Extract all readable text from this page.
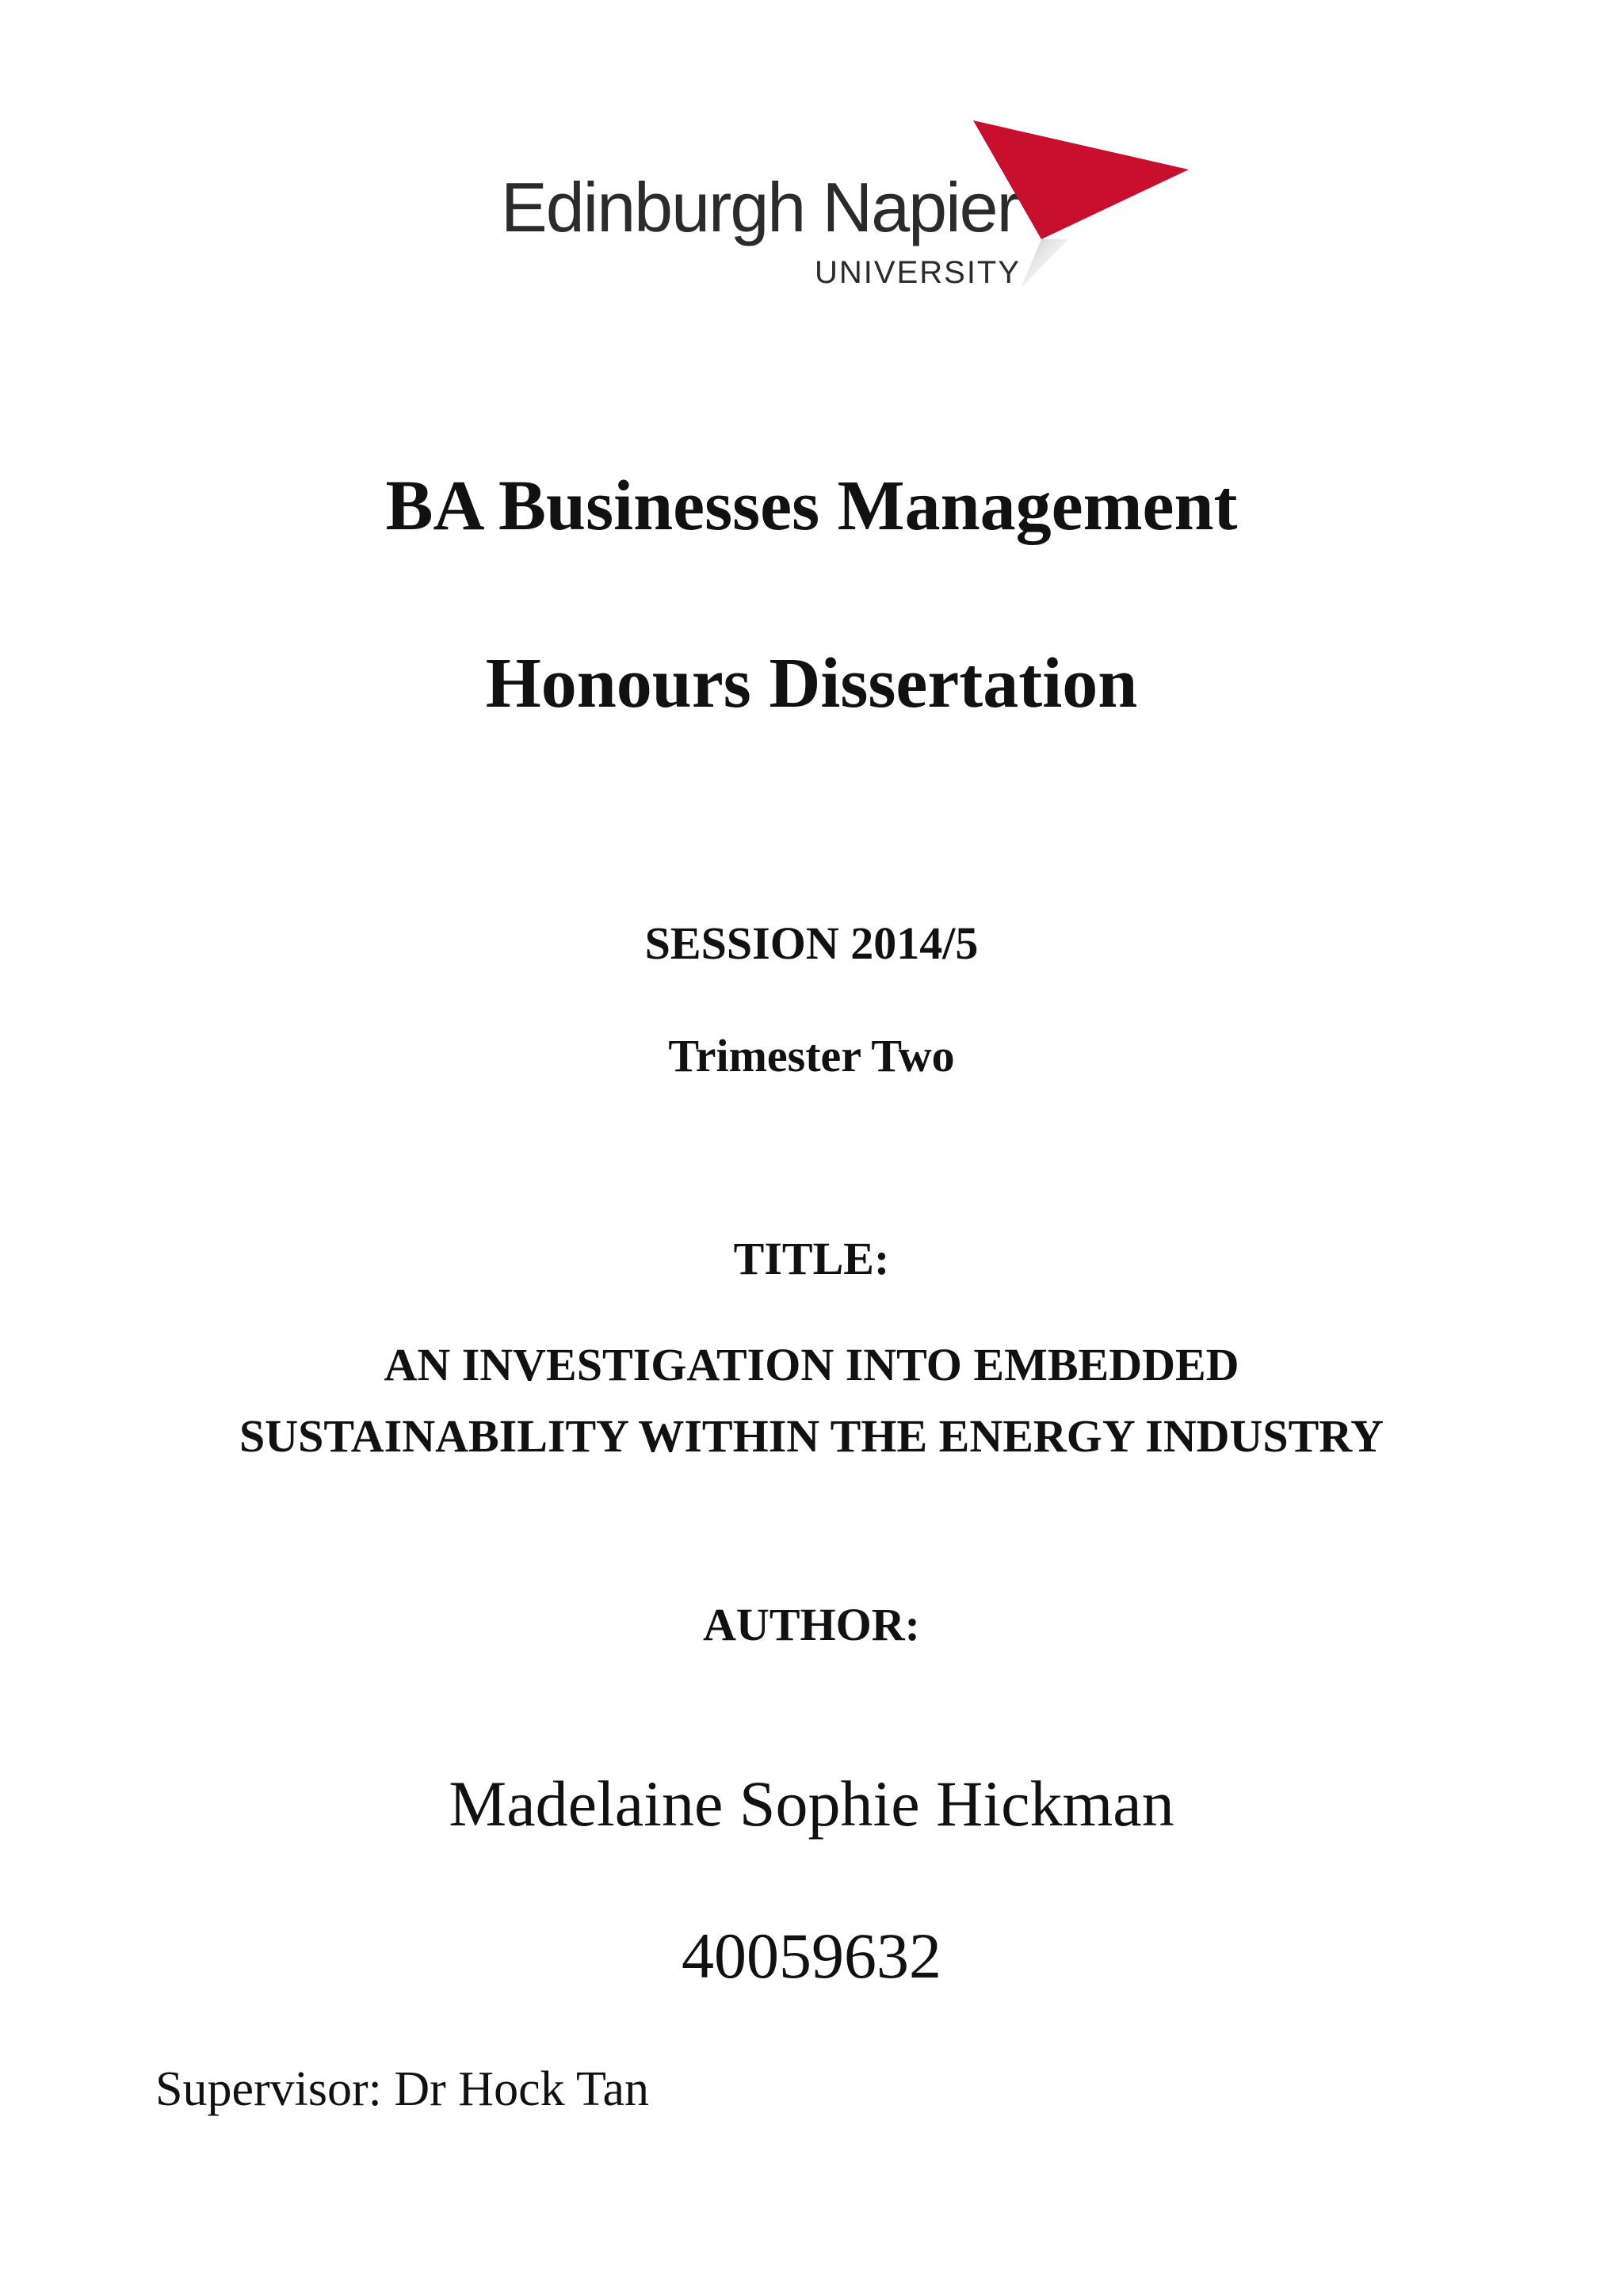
Edinburgh Napier
UNIVERSITY
BA Businesses Management
Honours Dissertation
SESSION 2014/5
Trimester Two
TITLE:
AN INVESTIGATION INTO EMBEDDED
SUSTAINABILITY WITHIN THE ENERGY INDUSTRY
AUTHOR:
Madelaine Sophie Hickman
40059632
Supervisor: Dr Hock Tan
